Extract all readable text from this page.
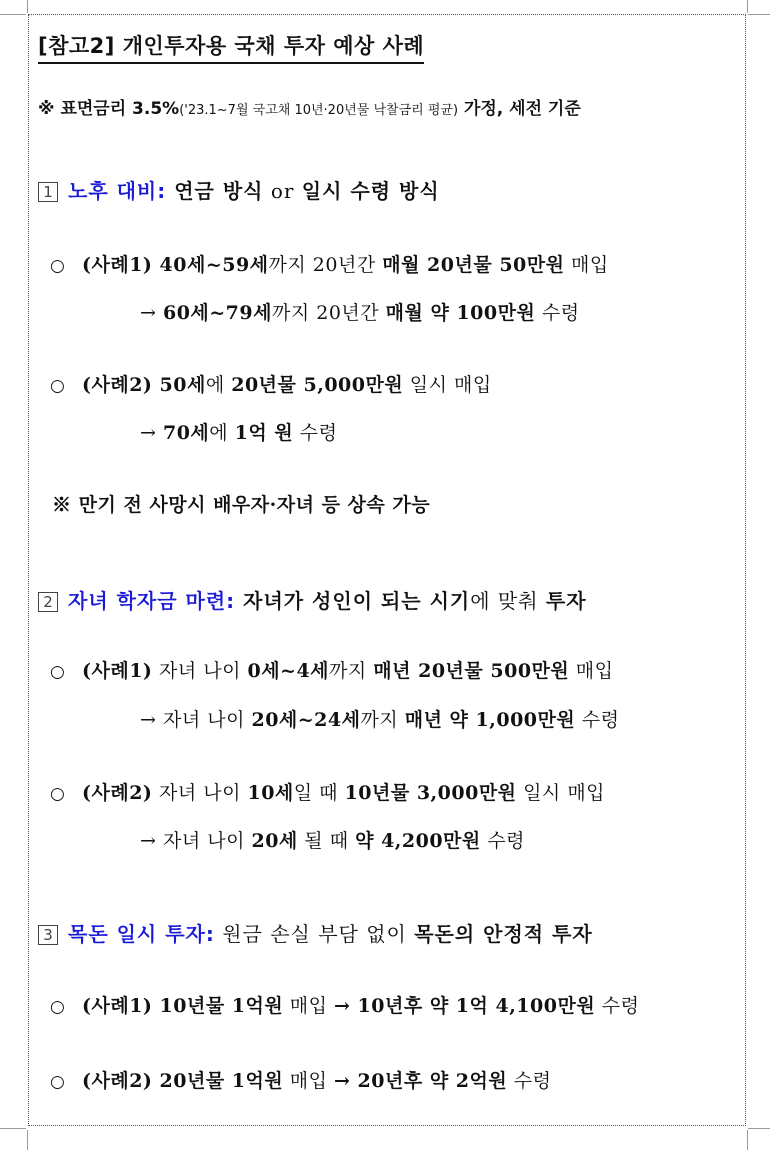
[참고2] 개인투자용 국채 투자 예상 사례
※ 표면금리 3.5%('23.1~7월 국고채 10년·20년물 낙찰금리 평균) 가정, 세전 기준
1 노후 대비: 연금 방식 or 일시 수령 방식
○ (사례1) 40세~59세까지 20년간 매월 20년물 50만원 매입
→ 60세~79세까지 20년간 매월 약 100만원 수령
○ (사례2) 50세에 20년물 5,000만원 일시 매입
→ 70세에 1억 원 수령
※ 만기 전 사망시 배우자·자녀 등 상속 가능
2 자녀 학자금 마련: 자녀가 성인이 되는 시기에 맞춰 투자
○ (사례1) 자녀 나이 0세~4세까지 매년 20년물 500만원 매입
→ 자녀 나이 20세~24세까지 매년 약 1,000만원 수령
○ (사례2) 자녀 나이 10세일 때 10년물 3,000만원 일시 매입
→ 자녀 나이 20세 될 때 약 4,200만원 수령
3 목돈 일시 투자: 원금 손실 부담 없이 목돈의 안정적 투자
○ (사례1) 10년물 1억원 매입 → 10년후 약 1억 4,100만원 수령
○ (사례2) 20년물 1억원 매입 → 20년후 약 2억원 수령
